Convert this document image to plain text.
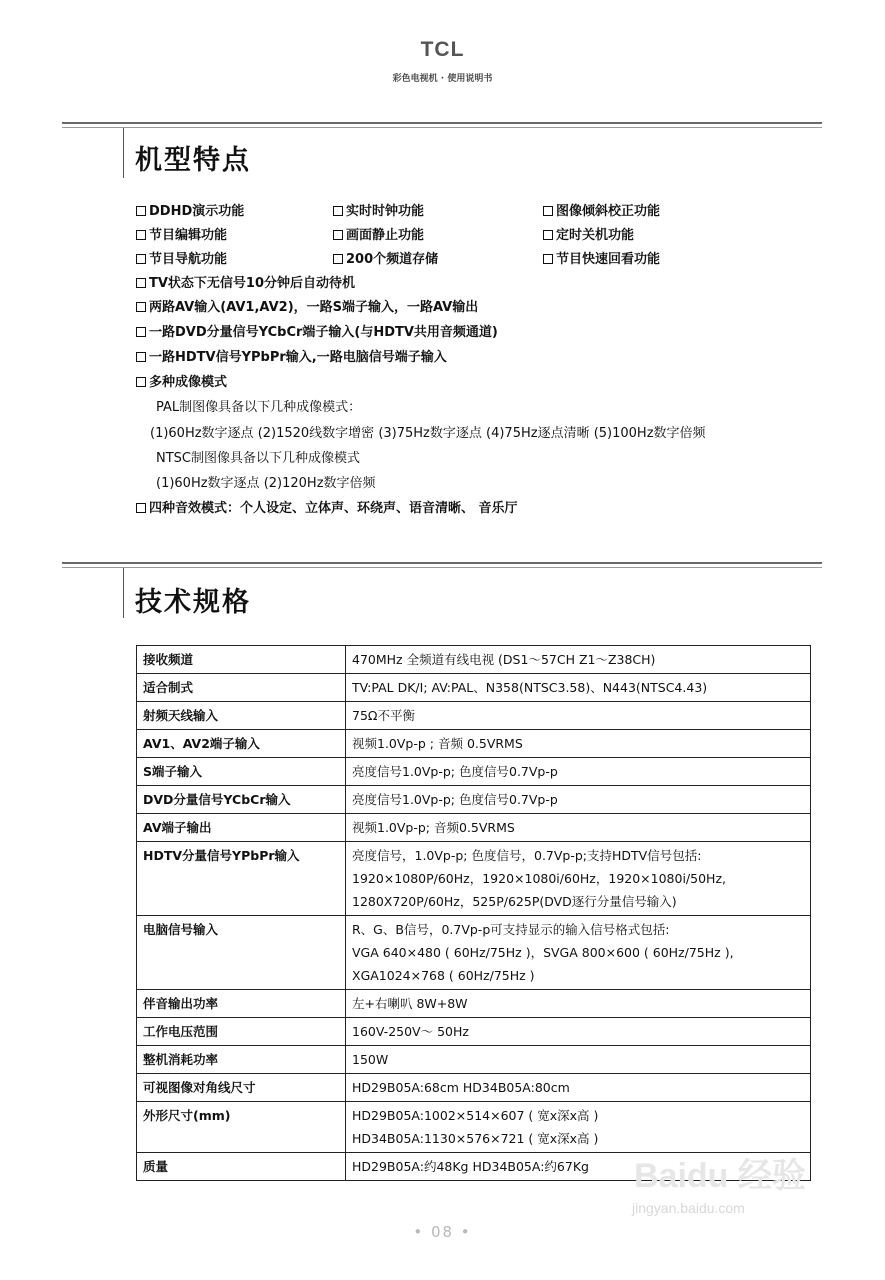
TCL
彩色电视机 · 使用说明书
机型特点
DDHD演示功能	实时时钟功能	图像倾斜校正功能
节目编辑功能	画面静止功能	定时关机功能
节目导航功能	200个频道存储	节目快速回看功能
TV状态下无信号10分钟后自动待机
两路AV输入(AV1,AV2)，一路S端子输入，一路AV输出
一路DVD分量信号YCbCr端子输入(与HDTV共用音频通道)
一路HDTV信号YPbPr输入,一路电脑信号端子输入
多种成像模式
PAL制图像具备以下几种成像模式：
(1)60Hz数字逐点 (2)1520线数字增密 (3)75Hz数字逐点 (4)75Hz逐点清晰 (5)100Hz数字倍频
NTSC制图像具备以下几种成像模式
(1)60Hz数字逐点 (2)120Hz数字倍频
四种音效模式：个人设定、立体声、环绕声、语音清晰、 音乐厅
技术规格
接收频道	470MHz 全频道有线电视 (DS1～57CH Z1～Z38CH)

适合制式	TV:PAL DK/I; AV:PAL、N358(NTSC3.58)、N443(NTSC4.43)

射频天线输入	75Ω不平衡

AV1、AV2端子输入	视频1.0Vp-p ; 音频 0.5VRMS

S端子输入	亮度信号1.0Vp-p; 色度信号0.7Vp-p

DVD分量信号YCbCr输入	亮度信号1.0Vp-p; 色度信号0.7Vp-p

AV端子输出	视频1.0Vp-p; 音频0.5VRMS

HDTV分量信号YPbPr输入	亮度信号，1.0Vp-p; 色度信号，0.7Vp-p;支持HDTV信号包括:
1920×1080P/60Hz，1920×1080i/60Hz，1920×1080i/50Hz,
1280X720P/60Hz，525P/625P(DVD逐行分量信号输入)

电脑信号输入	R、G、B信号，0.7Vp-p可支持显示的输入信号格式包括:
VGA 640×480 ( 60Hz/75Hz )，SVGA 800×600 ( 60Hz/75Hz ),
XGA1024×768 ( 60Hz/75Hz )

伴音输出功率	左+右喇叭 8W+8W

工作电压范围	160V-250V～ 50Hz

整机消耗功率	150W

可视图像对角线尺寸	HD29B05A:68cm HD34B05A:80cm

外形尺寸(mm)	HD29B05A:1002×514×607 ( 宽x深x高 )
HD34B05A:1130×576×721 ( 宽x深x高 )

质量	HD29B05A:约48Kg HD34B05A:约67Kg
• 08 •
Baidu 经验
jingyan.baidu.com
